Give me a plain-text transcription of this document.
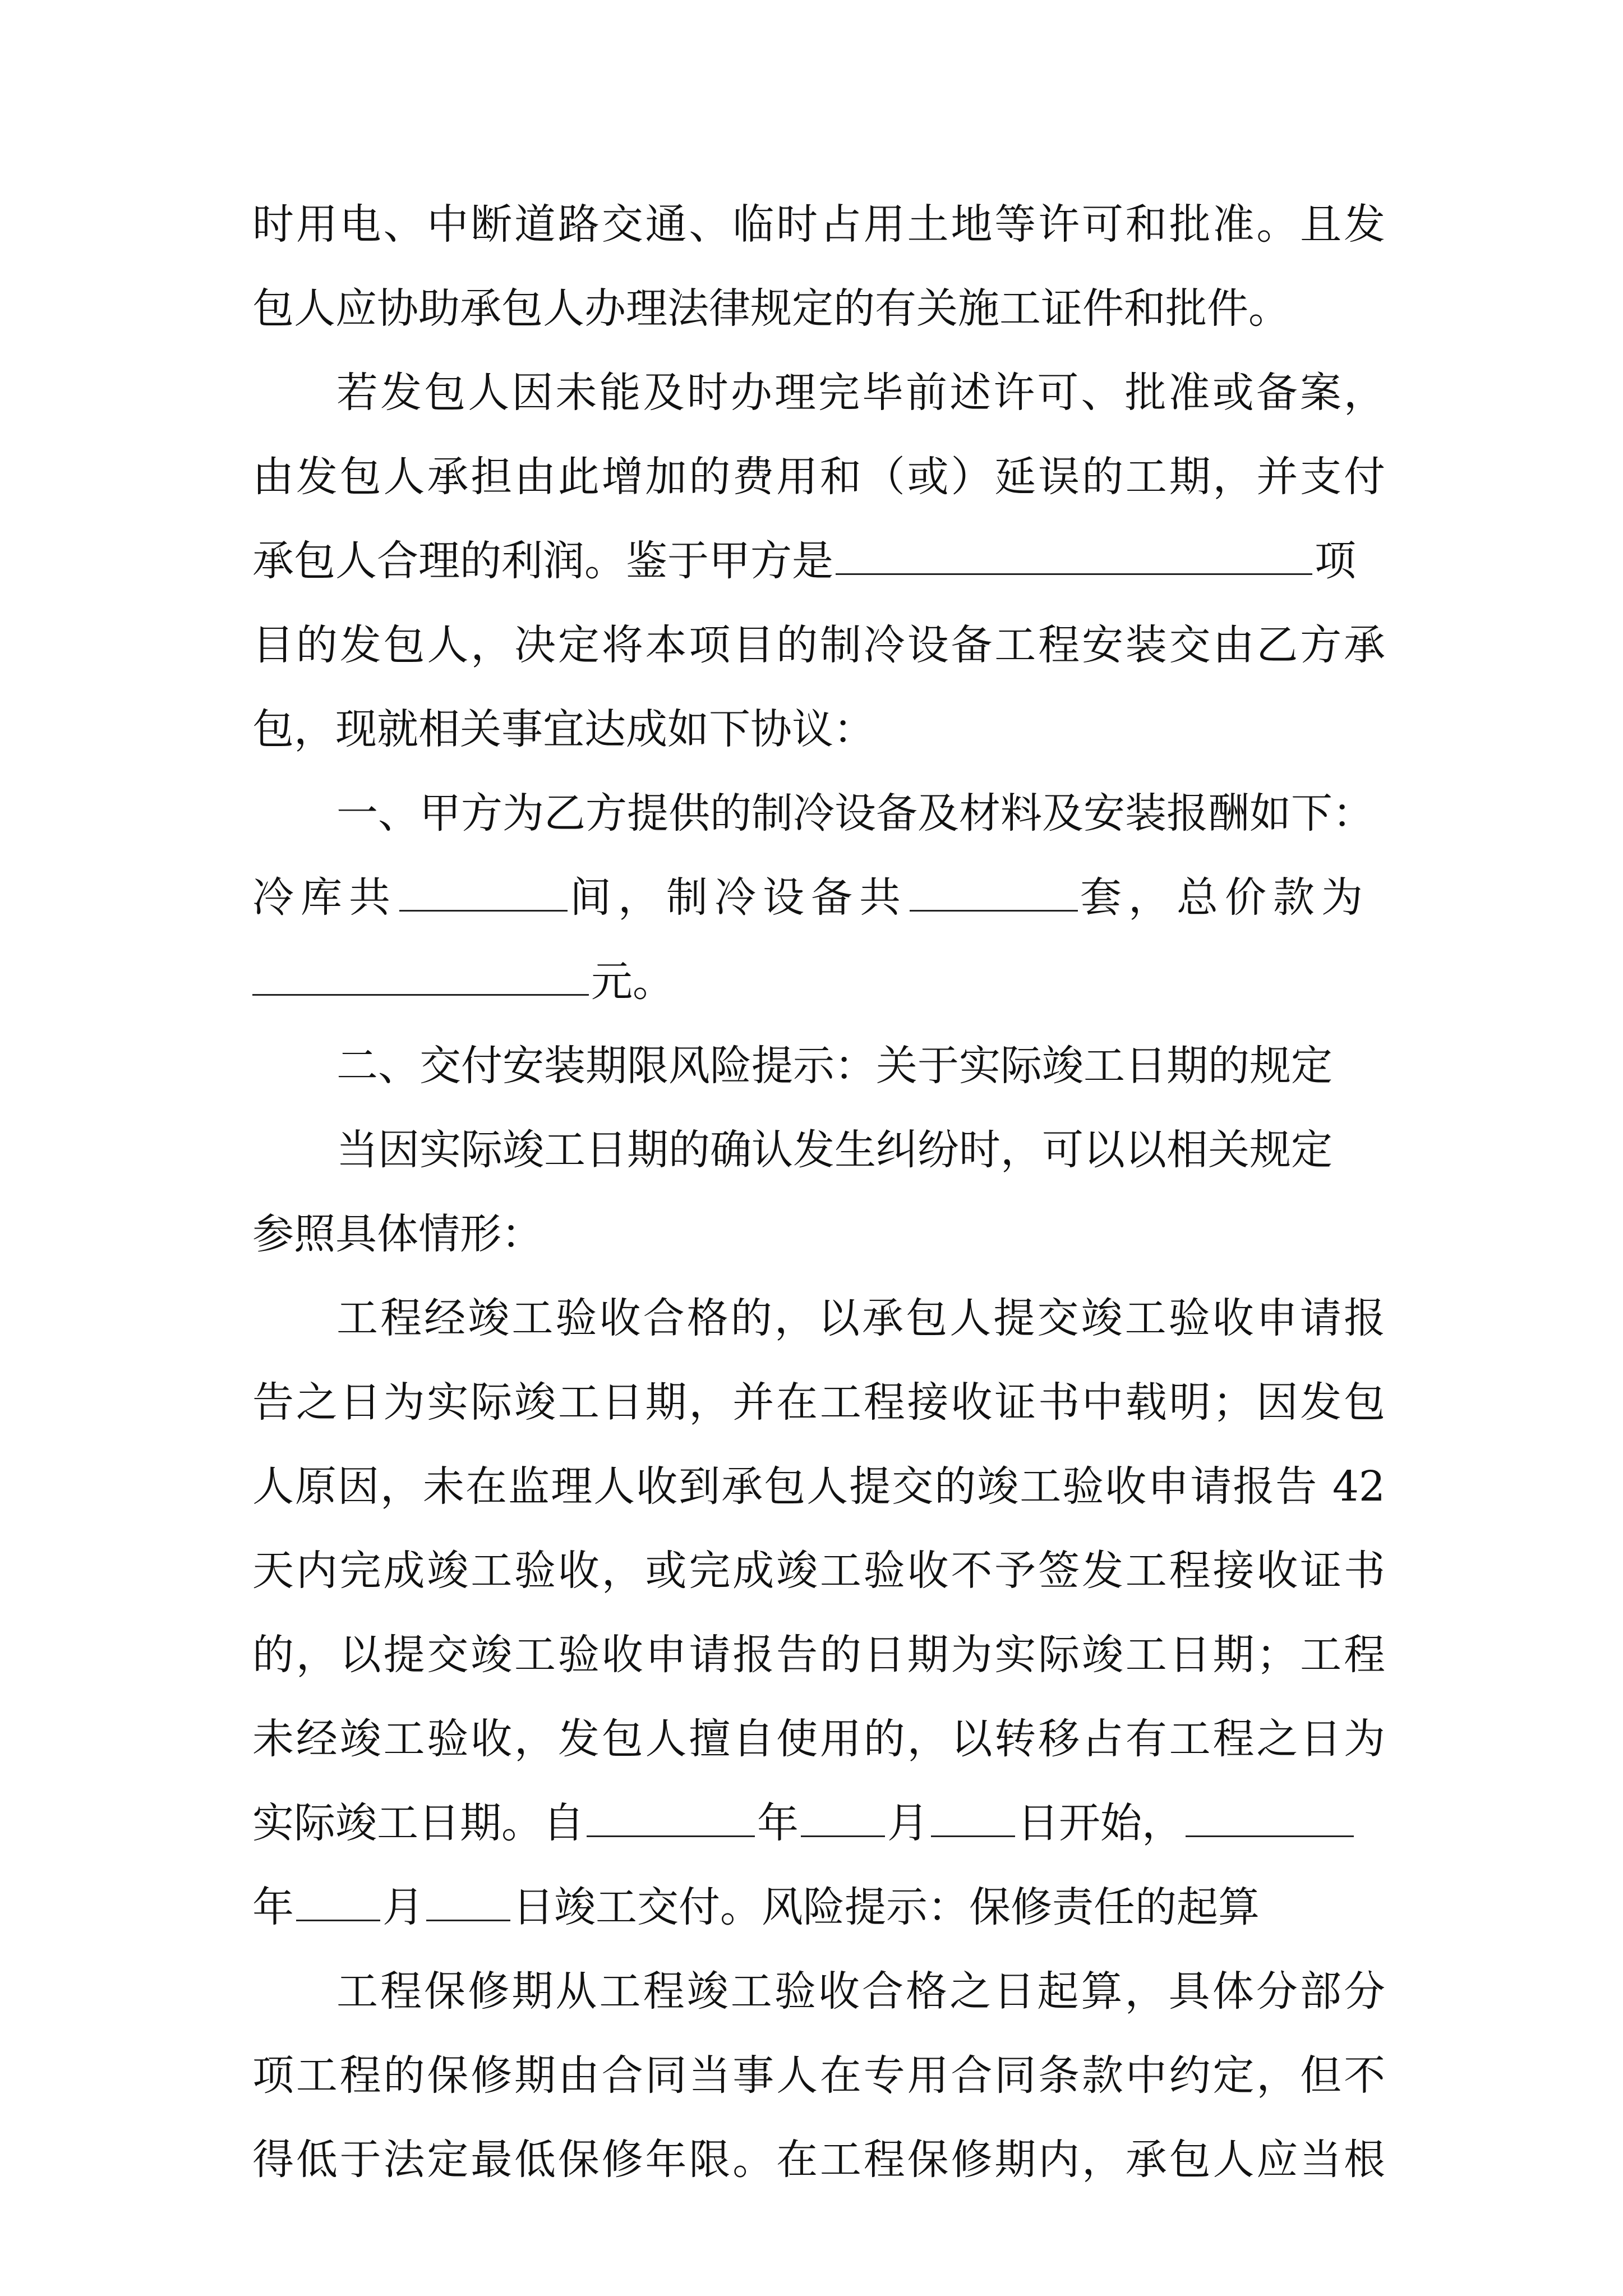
时用电、中断道路交通、临时占用土地等许可和批准。且发
包人应协助承包人办理法律规定的有关施工证件和批件。
若发包人因未能及时办理完毕前述许可、批准或备案，
由发包人承担由此增加的费用和（或）延误的工期，并支付
承包人合理的利润。鉴于甲方是	项
目的发包人，决定将本项目的制冷设备工程安装交由乙方承
包，现就相关事宜达成如下协议：
一、甲方为乙方提供的制冷设备及材料及安装报酬如下：
冷库共	间，制冷设备共	套，总价款为
元。
二、交付安装期限风险提示：关于实际竣工日期的规定
当因实际竣工日期的确认发生纠纷时，可以以相关规定
参照具体情形：
工程经竣工验收合格的，以承包人提交竣工验收申请报
告之日为实际竣工日期，并在工程接收证书中载明；因发包
人原因，未在监理人收到承包人提交的竣工验收申请报告 42
天内完成竣工验收，或完成竣工验收不予签发工程接收证书
的，以提交竣工验收申请报告的日期为实际竣工日期；工程
未经竣工验收，发包人擅自使用的，以转移占有工程之日为
实际竣工日期。自	年 月 日开始，
年 月 日竣工交付。风险提示：保修责任的起算
工程保修期从工程竣工验收合格之日起算，具体分部分
项工程的保修期由合同当事人在专用合同条款中约定，但不
得低于法定最低保修年限。在工程保修期内，承包人应当根
